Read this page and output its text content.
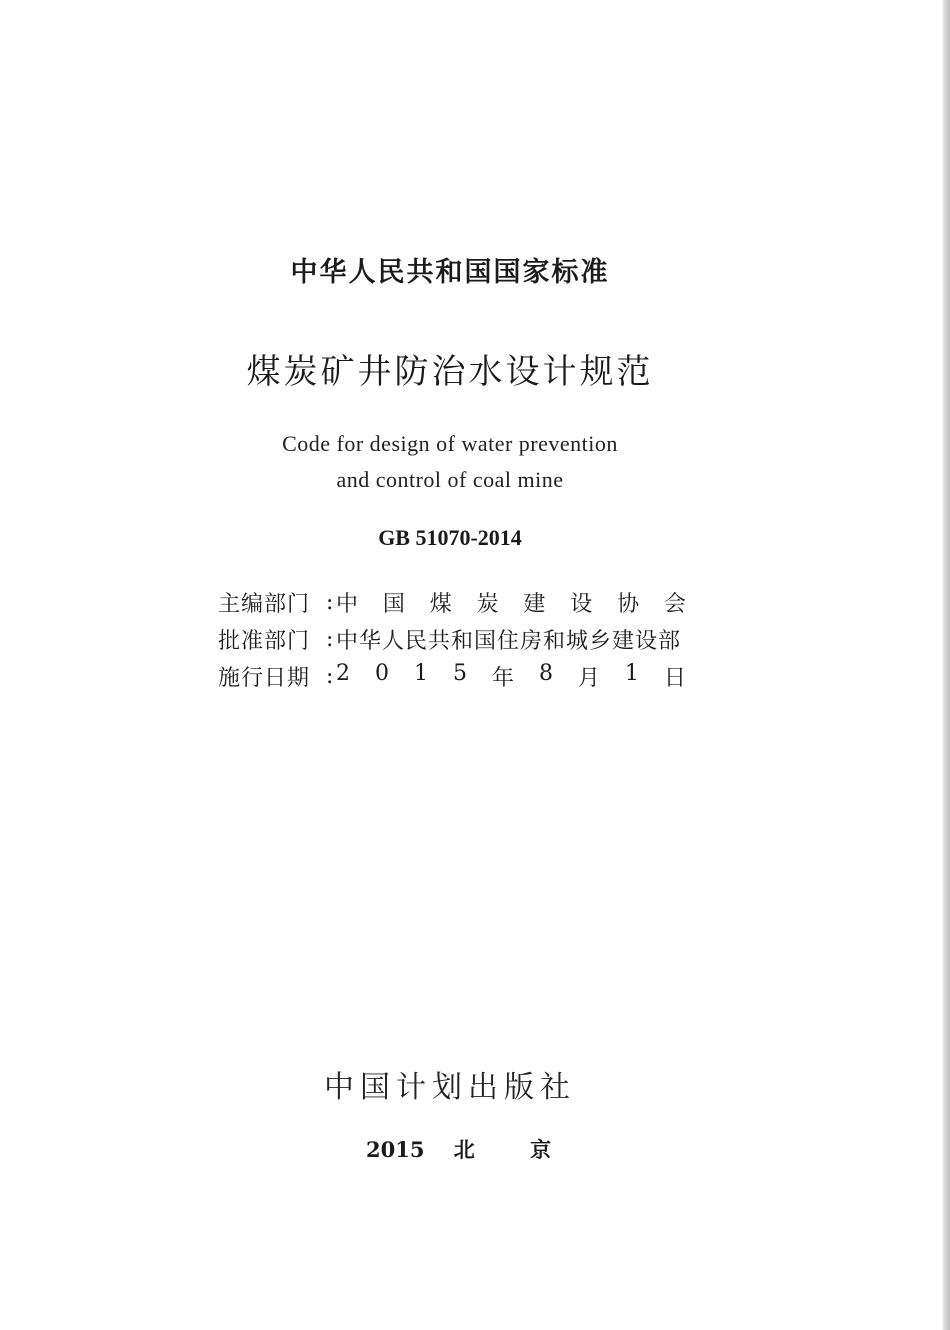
中华人民共和国国家标准
煤炭矿井防治水设计规范
Code for design of water prevention
and control of coal mine
GB 51070-2014
主编部门 : 中 国 煤 炭 建 设 协 会
批准部门 : 中华人民共和国住房和城乡建设部
施行日期 : 2 0 1 5 年 8 月 1 日
中国计划出版社
2015 北	京
